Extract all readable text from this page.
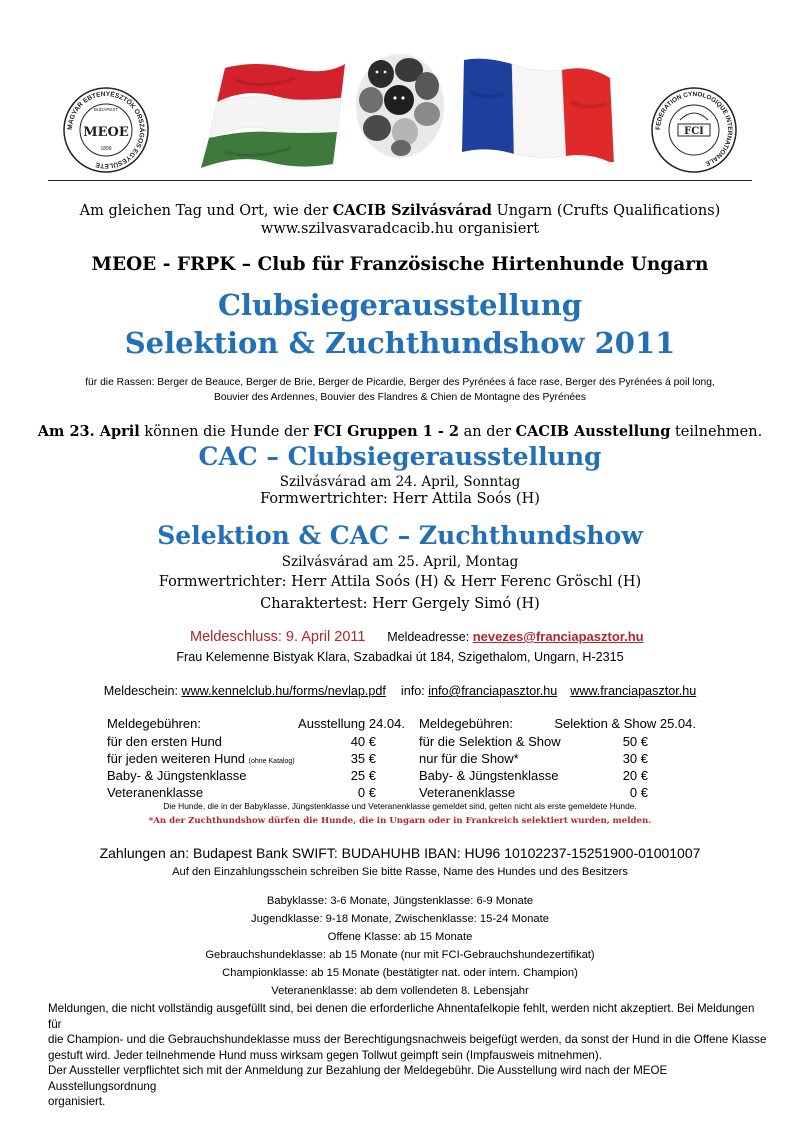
MAGYAR EBTENYÉSZTŐK ORSZÁGOS EGYESÜLETE
BUDAPEST
MEOE
1899
FEDERATION CYNOLOGIQUE INTERNATIONALE
FCI
Am gleichen Tag und Ort, wie der CACIB Szilvásvárad Ungarn (Crufts Qualifications)
www.szilvasvaradcacib.hu organisiert
MEOE - FRPK – Club für Französische Hirtenhunde Ungarn
Clubsiegerausstellung
Selektion & Zuchthundshow 2011
für die Rassen: Berger de Beauce, Berger de Brie, Berger de Picardie, Berger des Pyrénées á face rase, Berger des Pyrénées á poil long,
Bouvier des Ardennes, Bouvier des Flandres & Chien de Montagne des Pyrénées
Am 23. April können die Hunde der FCI Gruppen 1 - 2 an der CACIB Ausstellung teilnehmen.
CAC – Clubsiegerausstellung
Szilvásvárad am 24. April, Sonntag
Formwertrichter: Herr Attila Soós (H)
Selektion & CAC – Zuchthundshow
Szilvásvárad am 25. April, Montag
Formwertrichter: Herr Attila Soós (H) & Herr Ferenc Gröschl (H)
Charaktertest: Herr Gergely Simó (H)
Meldeschluss: 9. April 2011 Meldeadresse: nevezes@franciapasztor.hu
Frau Kelemenne Bistyak Klara, Szabadkai út 184, Szigethalom, Ungarn, H-2315
Meldeschein: www.kennelclub.hu/forms/nevlap.pdf info: info@franciapasztor.hu www.franciapasztor.hu
Meldegebühren:	Ausstellung 24.04.
für den ersten Hund	40 €
für jeden weiteren Hund (ohne Katalog)	35 €
Baby- & Jüngstenklasse	25 €
Veteranenklasse	0 €
Meldegebühren:	Selektion & Show 25.04.
für die Selektion & Show	50 €
nur für die Show*	30 €
Baby- & Jüngstenklasse	20 €
Veteranenklasse	0 €
Die Hunde, die in der Babyklasse, Jüngstenklasse und Veteranenklasse gemeldet sind, gelten nicht als erste gemeldete Hunde.
*An der Zuchthundshow dürfen die Hunde, die in Ungarn oder in Frankreich selektiert wurden, melden.
Zahlungen an: Budapest Bank SWIFT: BUDAHUHB IBAN: HU96 10102237-15251900-01001007
Auf den Einzahlungsschein schreiben Sie bitte Rasse, Name des Hundes und des Besitzers
Babyklasse: 3-6 Monate, Jüngstenklasse: 6-9 Monate
Jugendklasse: 9-18 Monate, Zwischenklasse: 15-24 Monate
Offene Klasse: ab 15 Monate
Gebrauchshundeklasse: ab 15 Monate (nur mit FCI-Gebrauchshundezertifikat)
Championklasse: ab 15 Monate (bestätigter nat. oder intern. Champion)
Veteranenklasse: ab dem vollendeten 8. Lebensjahr
Meldungen, die nicht vollständig ausgefüllt sind, bei denen die erforderliche Ahnentafelkopie fehlt, werden nicht akzeptiert. Bei Meldungen für
die Champion- und die Gebrauchshundeklasse muss der Berechtigungsnachweis beigefügt werden, da sonst der Hund in die Offene Klasse
gestuft wird. Jeder teilnehmende Hund muss wirksam gegen Tollwut geimpft sein (Impfausweis mitnehmen).
Der Aussteller verpflichtet sich mit der Anmeldung zur Bezahlung der Meldegebühr. Die Ausstellung wird nach der MEOE Ausstellungsordnung
organisiert.
